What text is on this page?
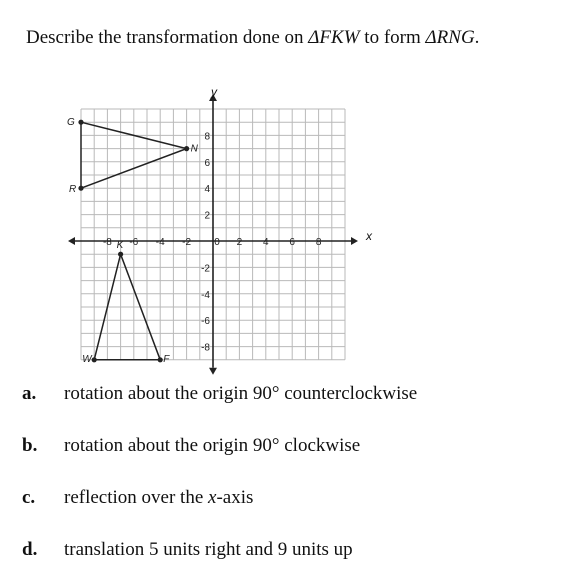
Describe the transformation done on ΔFKW to form ΔRNG.
-8 -6 -4 -2 0 2 4 6 8
8
6
4
2
-2
-4
-6
-8
G
N
R
K
W	F
x
y
a. rotation about the origin 90° counterclockwise
b. rotation about the origin 90° clockwise
c. reflection over the x-axis
d. translation 5 units right and 9 units up
